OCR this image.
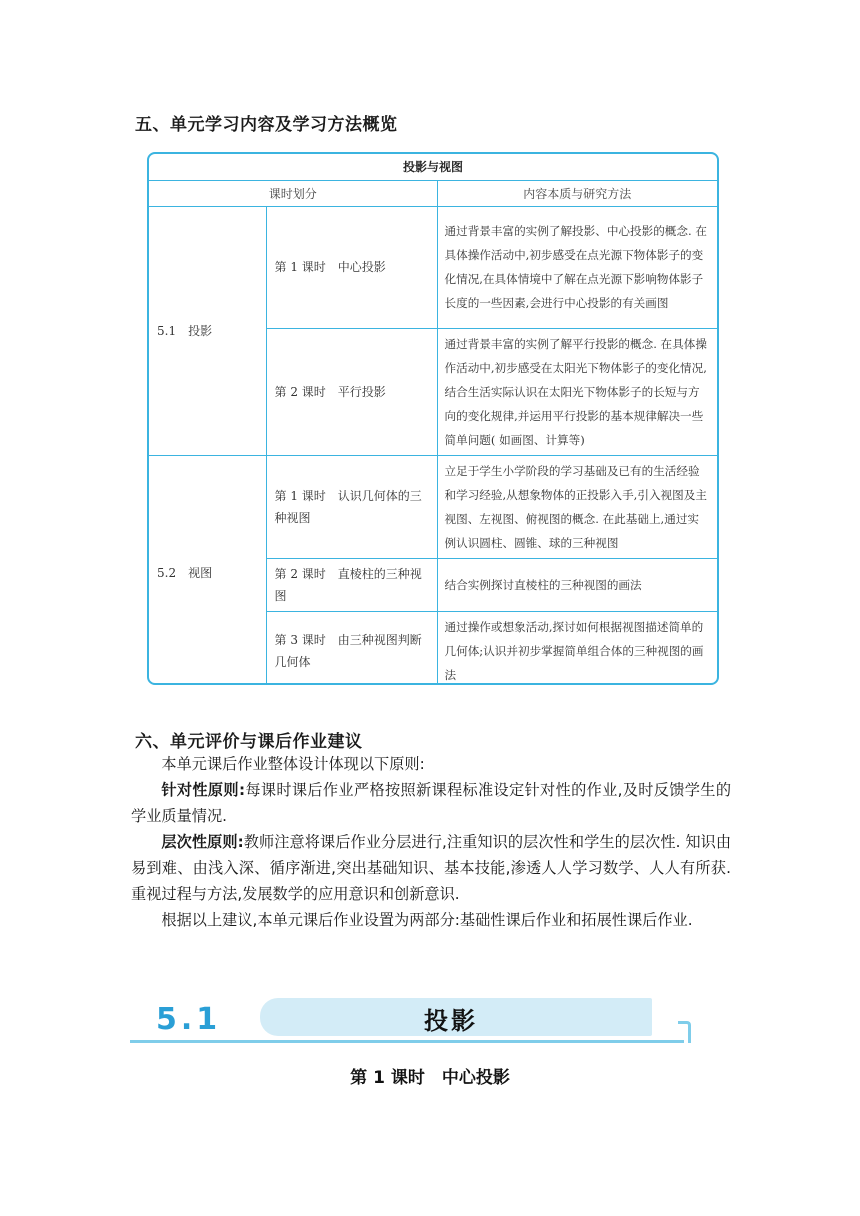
五、单元学习内容及学习方法概览
投影与视图		
课时划分		内容本质与研究方法
5.1　投影	第 1 课时　中心投影	通过背景丰富的实例了解投影、中心投影的概念. 在具体操作活动中,初步感受在点光源下物体影子的变化情况,在具体情境中了解在点光源下影响物体影子长度的一些因素,会进行中心投影的有关画图
	第 2 课时　平行投影	通过背景丰富的实例了解平行投影的概念. 在具体操作活动中,初步感受在太阳光下物体影子的变化情况,结合生活实际认识在太阳光下物体影子的长短与方向的变化规律,并运用平行投影的基本规律解决一些简单问题( 如画图、计算等)
5.2　视图	第 1 课时　认识几何体的三种视图	立足于学生小学阶段的学习基础及已有的生活经验和学习经验,从想象物体的正投影入手,引入视图及主视图、左视图、俯视图的概念. 在此基础上,通过实例认识圆柱、圆锥、球的三种视图
	第 2 课时　直棱柱的三种视图	结合实例探讨直棱柱的三种视图的画法
	第 3 课时　由三种视图判断几何体	通过操作或想象活动,探讨如何根据视图描述简单的几何体;认识并初步掌握简单组合体的三种视图的画法
六、单元评价与课后作业建议

本单元课后作业整体设计体现以下原则:

针对性原则:每课时课后作业严格按照新课程标准设定针对性的作业,及时反馈学生的学业质量情况.

层次性原则:教师注意将课后作业分层进行,注重知识的层次性和学生的层次性. 知识由易到难、由浅入深、循序渐进,突出基础知识、基本技能,渗透人人学习数学、人人有所获. 重视过程与方法,发展数学的应用意识和创新意识.

根据以上建议,本单元课后作业设置为两部分:基础性课后作业和拓展性课后作业.

5.1	投影
第 1 课时　中心投影
